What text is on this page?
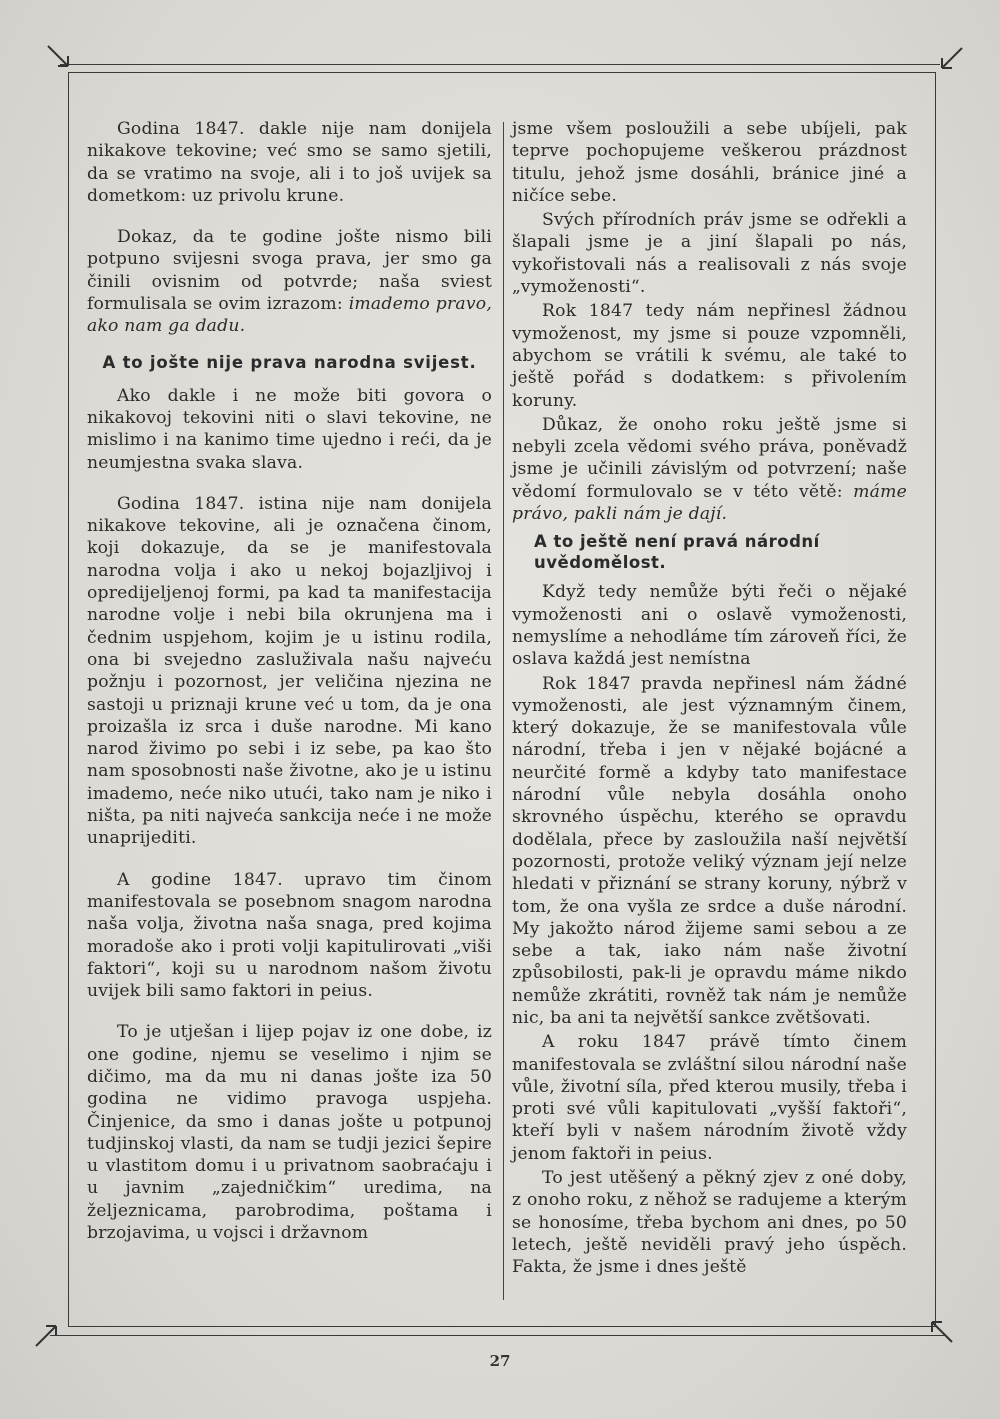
Godina 1847. dakle nije nam donijela nikakove tekovine; već smo se samo sjetili, da se vratimo na svoje, ali i to još uvijek sa dometkom: uz privolu krune.

Dokaz, da te godine jošte nismo bili potpuno svijesni svoga prava, jer smo ga činili ovisnim od potvrde; naša sviest formulisala se ovim izrazom: imademo pravo, ako nam ga dadu.

A to jošte nije prava narodna svijest.

Ako dakle i ne može biti govora o nikakovoj tekovini niti o slavi tekovine, ne mislimo i na kanimo time ujedno i reći, da je neumjestna svaka slava.

Godina 1847. istina nije nam donijela nikakove tekovine, ali je označena činom, koji dokazuje, da se je manifestovala narodna volja i ako u nekoj bojazljivoj i opredijeljenoj formi, pa kad ta manifestacija narodne volje i nebi bila okrunjena ma i čednim uspjehom, kojim je u istinu rodila, ona bi svejedno zasluživala našu najveću požnju i pozornost, jer veličina njezina ne sastoji u priznaji krune već u tom, da je ona proizašla iz srca i duše narodne. Mi kano narod živimo po sebi i iz sebe, pa kao što nam sposobnosti naše životne, ako je u istinu imademo, neće niko utući, tako nam je niko i ništa, pa niti najveća sankcija neće i ne može unaprijediti.

A godine 1847. upravo tim činom manifestovala se posebnom snagom narodna naša volja, životna naša snaga, pred kojima moradoše ako i proti volji kapitulirovati „viši faktori“, koji su u narodnom našom životu uvijek bili samo faktori in peius.

To je utješan i lijep pojav iz one dobe, iz one godine, njemu se veselimo i njim se dičimo, ma da mu ni danas jošte iza 50 godina ne vidimo pravoga uspjeha. Činjenice, da smo i danas jošte u potpunoj tudjinskoj vlasti, da nam se tudji jezici šepire u vlastitom domu i u privatnom saobraćaju i u javnim „zajedničkim“ uredima, na željeznicama, parobrodima, poštama i brzojavima, u vojsci i državnom

jsme všem posloužili a sebe ubíjeli, pak teprve pochopujeme veškerou prázdnost titulu, jehož jsme dosáhli, bránice jiné a ničíce sebe.

Svých přírodních práv jsme se odřekli a šlapali jsme je a jiní šlapali po nás, vykořistovali nás a realisovali z nás svoje „vymoženosti“.

Rok 1847 tedy nám nepřinesl žádnou vymoženost, my jsme si pouze vzpomněli, abychom se vrátili k svému, ale také to ještě pořád s dodatkem: s přivolením koruny.

Důkaz, že onoho roku ještě jsme si nebyli zcela vědomi svého práva, poněvadž jsme je učinili závislým od potvrzení; naše vědomí formulovalo se v této větě: máme právo, pakli nám je dají.

A to ještě není pravá národní uvědomělost.

Když tedy nemůže býti řeči o nějaké vymoženosti ani o oslavě vymoženosti, nemyslíme a nehodláme tím zároveň říci, že oslava každá jest nemístna

Rok 1847 pravda nepřinesl nám žádné vymoženosti, ale jest významným činem, který dokazuje, že se manifestovala vůle národní, třeba i jen v nějaké bojácné a neurčité formě a kdyby tato manifestace národní vůle nebyla dosáhla onoho skrovného úspěchu, kterého se opravdu dodělala, přece by zasloužila naší největší pozornosti, protože veliký význam její nelze hledati v přiznání se strany koruny, nýbrž v tom, že ona vyšla ze srdce a duše národní. My jakožto národ žijeme sami sebou a ze sebe a tak, iako nám naše životní způsobilosti, pak-li je opravdu máme nikdo nemůže zkrátiti, rovněž tak nám je nemůže nic, ba ani ta největší sankce zvětšovati.

A roku 1847 právě tímto činem manifestovala se zvláštní silou národní naše vůle, životní síla, před kterou musily, třeba i proti své vůli kapitulovati „vyšší faktoři“, kteří byli v našem národním životě vždy jenom faktoři in peius.

To jest utěšený a pěkný zjev z oné doby, z onoho roku, z něhož se radujeme a kterým se honosíme, třeba bychom ani dnes, po 50 letech, ještě neviděli pravý jeho úspěch. Fakta, že jsme i dnes ještě

27
